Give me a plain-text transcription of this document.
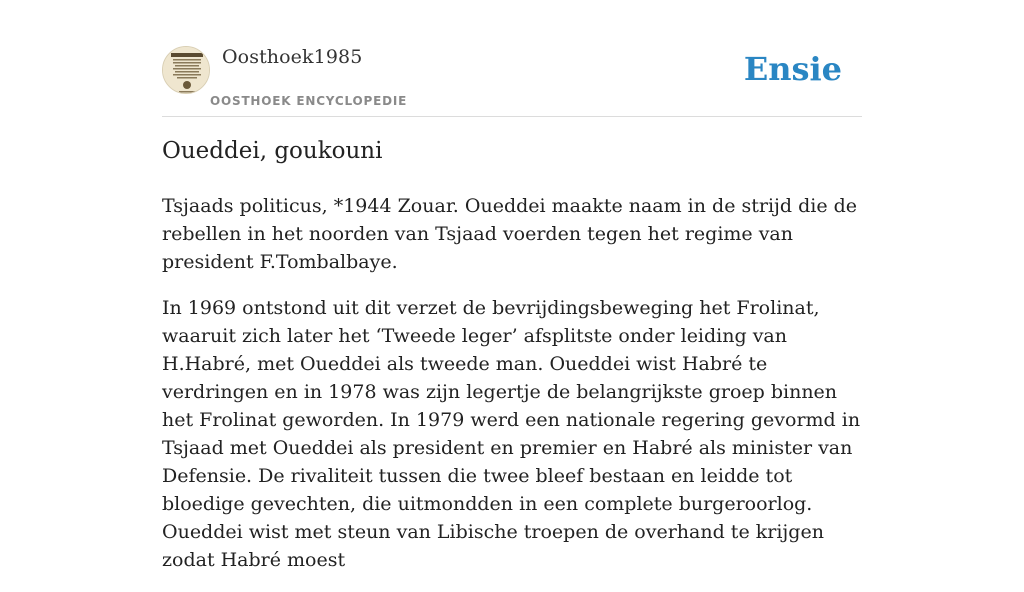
Oosthoek1985
OOSTHOEK ENCYCLOPEDIE
Ensie
Oueddei, goukouni

Tsjaads politicus, *1944 Zouar. Oueddei maakte naam in de strijd die de rebellen in het noorden van Tsjaad voerden tegen het regime van president F.Tombalbaye.

In 1969 ontstond uit dit verzet de bevrijdingsbeweging het Frolinat, waaruit zich later het ‘Tweede leger’ afsplitste onder leiding van H.Habré, met Oueddei als tweede man. Oueddei wist Habré te verdringen en in 1978 was zijn legertje de belangrijkste groep binnen het Frolinat geworden. In 1979 werd een nationale regering gevormd in Tsjaad met Oueddei als president en premier en Habré als minister van Defensie. De rivaliteit tussen die twee bleef bestaan en leidde tot bloedige gevechten, die uitmondden in een complete burgeroorlog. Oueddei wist met steun van Libische troepen de overhand te krijgen zodat Habré moest
